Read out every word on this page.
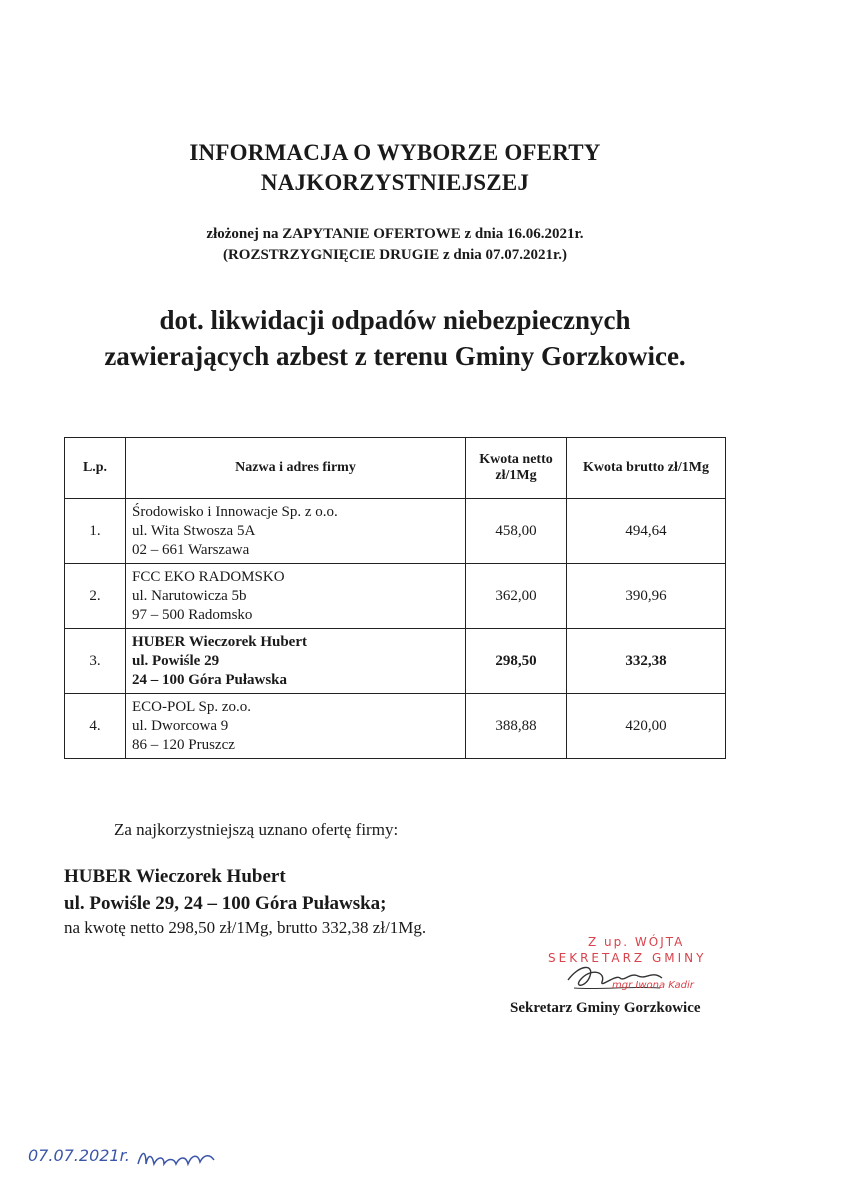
INFORMACJA O WYBORZE OFERTY
NAJKORZYSTNIEJSZEJ
złożonej na ZAPYTANIE OFERTOWE z dnia 16.06.2021r.
(ROZSTRZYGNIĘCIE DRUGIE z dnia 07.07.2021r.)
dot. likwidacji odpadów niebezpiecznych
zawierających azbest z terenu Gminy Gorzkowice.
L.p.	Nazwa i adres firmy	Kwota netto
zł/1Mg	Kwota brutto zł/1Mg
1.	Środowisko i Innowacje Sp. z o.o.
ul. Wita Stwosza 5A
02 – 661 Warszawa	458,00	494,64
2.	FCC EKO RADOMSKO
ul. Narutowicza 5b
97 – 500 Radomsko	362,00	390,96
3.	HUBER Wieczorek Hubert
ul. Powiśle 29
24 – 100 Góra Puławska	298,50	332,38
4.	ECO-POL Sp. zo.o.
ul. Dworcowa 9
86 – 120 Pruszcz	388,88	420,00
Za najkorzystniejszą uznano ofertę firmy:
HUBER Wieczorek Hubert
ul. Powiśle 29, 24 – 100 Góra Puławska;
na kwotę netto 298,50 zł/1Mg, brutto 332,38 zł/1Mg.
Z up. WÓJTA
SEKRETARZ GMINY
mgr Iwona Kadir
Sekretarz Gminy Gorzkowice
07.07.2021r.
